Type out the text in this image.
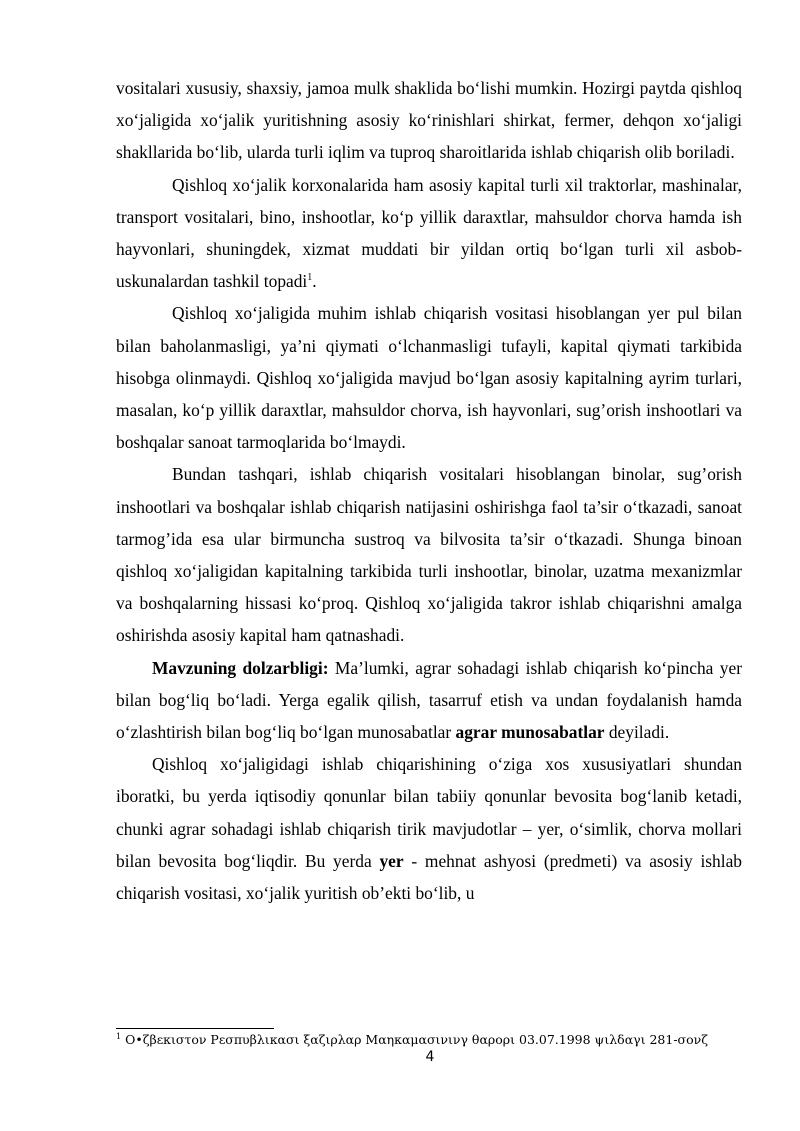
vositalari xususiy, shaxsiy, jamoa mulk shaklida bo‘lishi mumkin. Hozirgi paytda qishloq xo‘jaligida xo‘jalik yuritishning asosiy ko‘rinishlari shirkat, fermer, dehqon xo‘jaligi shakllarida bo‘lib, ularda turli iqlim va tuproq sharoitlarida ishlab chiqarish olib boriladi.

Qishloq xo‘jalik korxonalarida ham asosiy kapital turli xil traktorlar, mashinalar, transport vositalari, bino, inshootlar, ko‘p yillik daraxtlar, mahsuldor chorva hamda ish hayvonlari, shuningdek, xizmat muddati bir yildan ortiq bo‘lgan turli xil asbob-uskunalardan tashkil topadi$^1$.

Qishloq xo‘jaligida muhim ishlab chiqarish vositasi hisoblangan yer pul bilan bilan baholanmasligi, ya’ni qiymati o‘lchanmasligi tufayli, kapital qiymati tarkibida hisobga olinmaydi. Qishloq xo‘jaligida mavjud bo‘lgan asosiy kapitalning ayrim turlari, masalan, ko‘p yillik daraxtlar, mahsuldor chorva, ish hayvonlari, sug’orish inshootlari va boshqalar sanoat tarmoqlarida bo‘lmaydi.

Bundan tashqari, ishlab chiqarish vositalari hisoblangan binolar, sug’orish inshootlari va boshqalar ishlab chiqarish natijasini oshirishga faol ta’sir o‘tkazadi, sanoat tarmog’ida esa ular birmuncha sustroq va bilvosita ta’sir o‘tkazadi. Shunga binoan qishloq xo‘jaligidan kapitalning tarkibida turli inshootlar, binolar, uzatma mexanizmlar va boshqalarning hissasi ko‘proq. Qishloq xo‘jaligida takror ishlab chiqarishni amalga oshirishda asosiy kapital ham qatnashadi.

Mavzuning dolzarbligi: Ma’lumki, agrar sohadagi ishlab chiqarish ko‘pincha yer bilan bog‘liq bo‘ladi. Yerga egalik qilish, tasarruf etish va undan foydalanish hamda o‘zlashtirish bilan bog‘liq bo‘lgan munosabatlar agrar munosabatlar deyiladi.

Qishloq xo‘jaligidagi ishlab chiqarishining o‘ziga xos xususiyatlari shundan iboratki, bu yerda iqtisodiy qonunlar bilan tabiiy qonunlar bevosita bog‘lanib ketadi, chunki agrar sohadagi ishlab chiqarish tirik mavjudotlar – yer, o‘simlik, chorva mollari bilan bevosita bog‘liqdir. Bu yerda yer - mehnat ashyosi (predmeti) va asosiy ishlab chiqarish vositasi, xo‘jalik yuritish ob’ekti bo‘lib, u

$^1$ O•ζβεκιστον Ρεσπυβλικασι ξαζιρλαρ Μαηκαμασινινγ θαρορι 03.07.1998 ψιλδαγι 281-σονζ
4
